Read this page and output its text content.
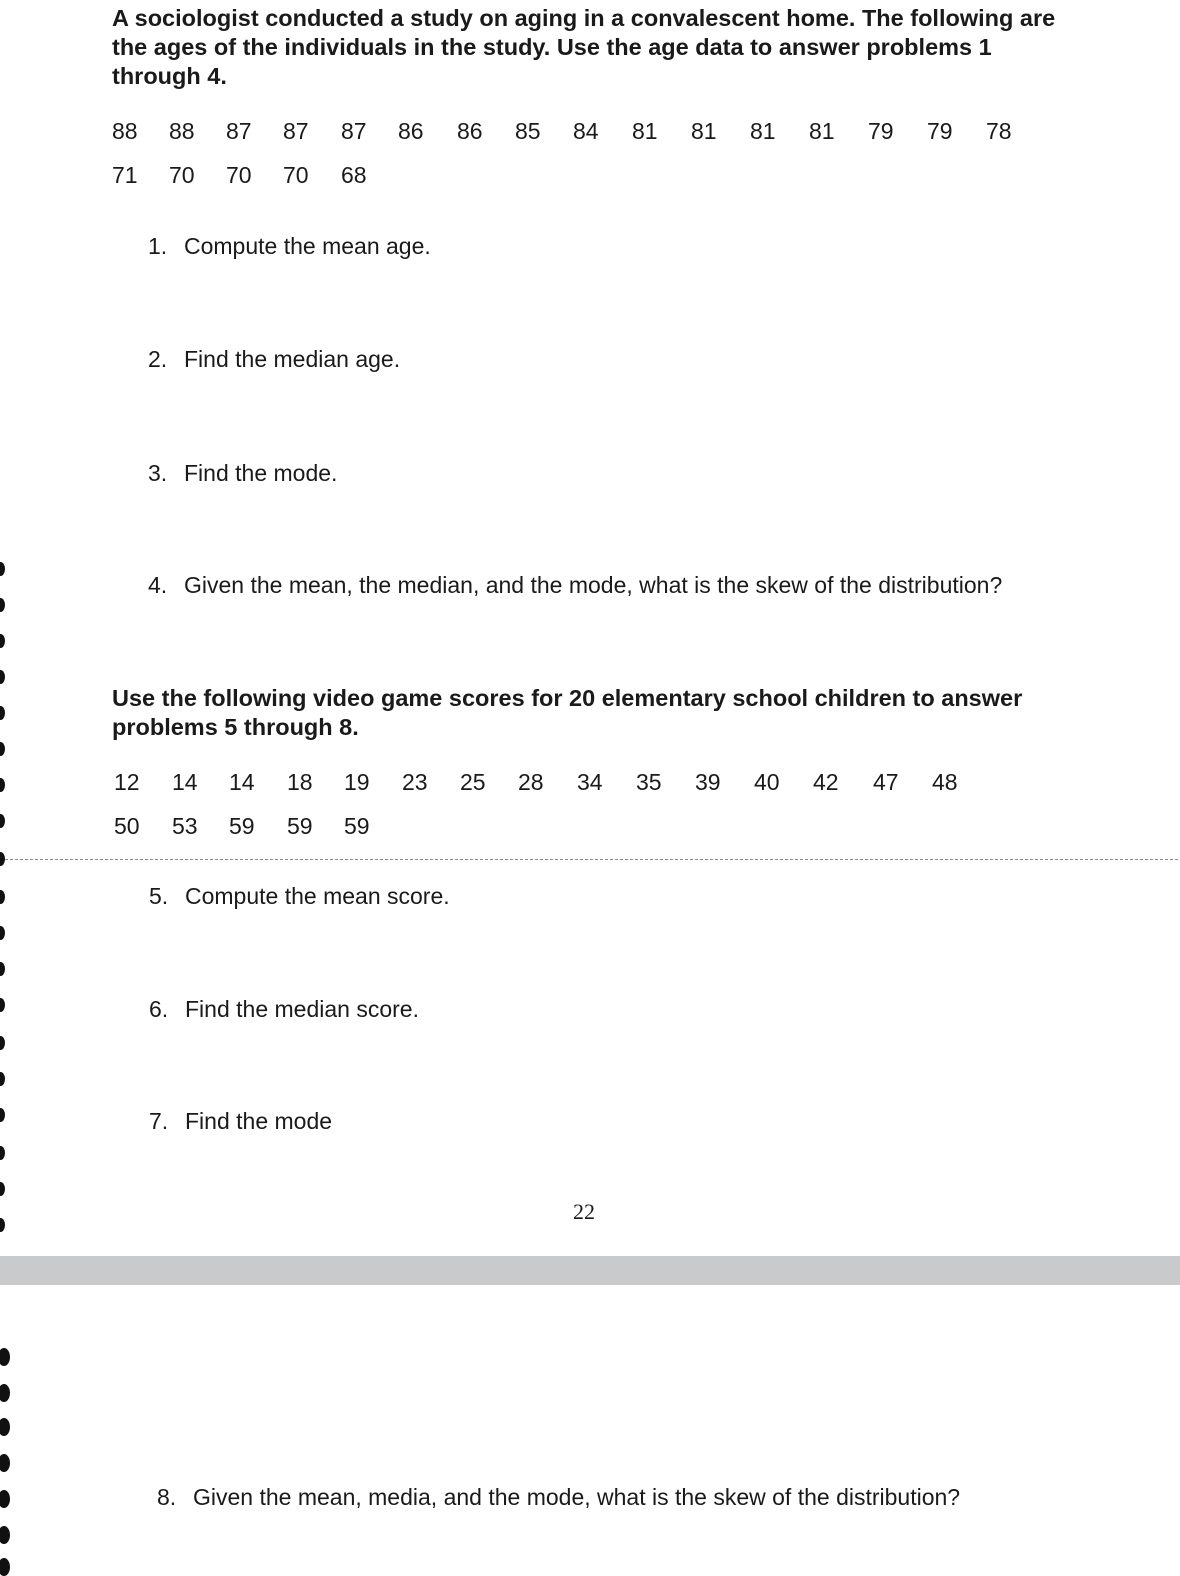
A sociologist conducted a study on aging in a convalescent home. The following are the ages of the individuals in the study. Use the age data to answer problems 1 through 4.
88 88 87 87 87 86 86 85 84 81 81 81 81 79 79 78
71 70 70 70 68
1. Compute the mean age.
2. Find the median age.
3. Find the mode.
4. Given the mean, the median, and the mode, what is the skew of the distribution?
Use the following video game scores for 20 elementary school children to answer problems 5 through 8.
12 14 14 18 19 23 25 28 34 35 39 40 42 47 48
50 53 59 59 59
5. Compute the mean score.
6. Find the median score.
7. Find the mode
22
8. Given the mean, media, and the mode, what is the skew of the distribution?
